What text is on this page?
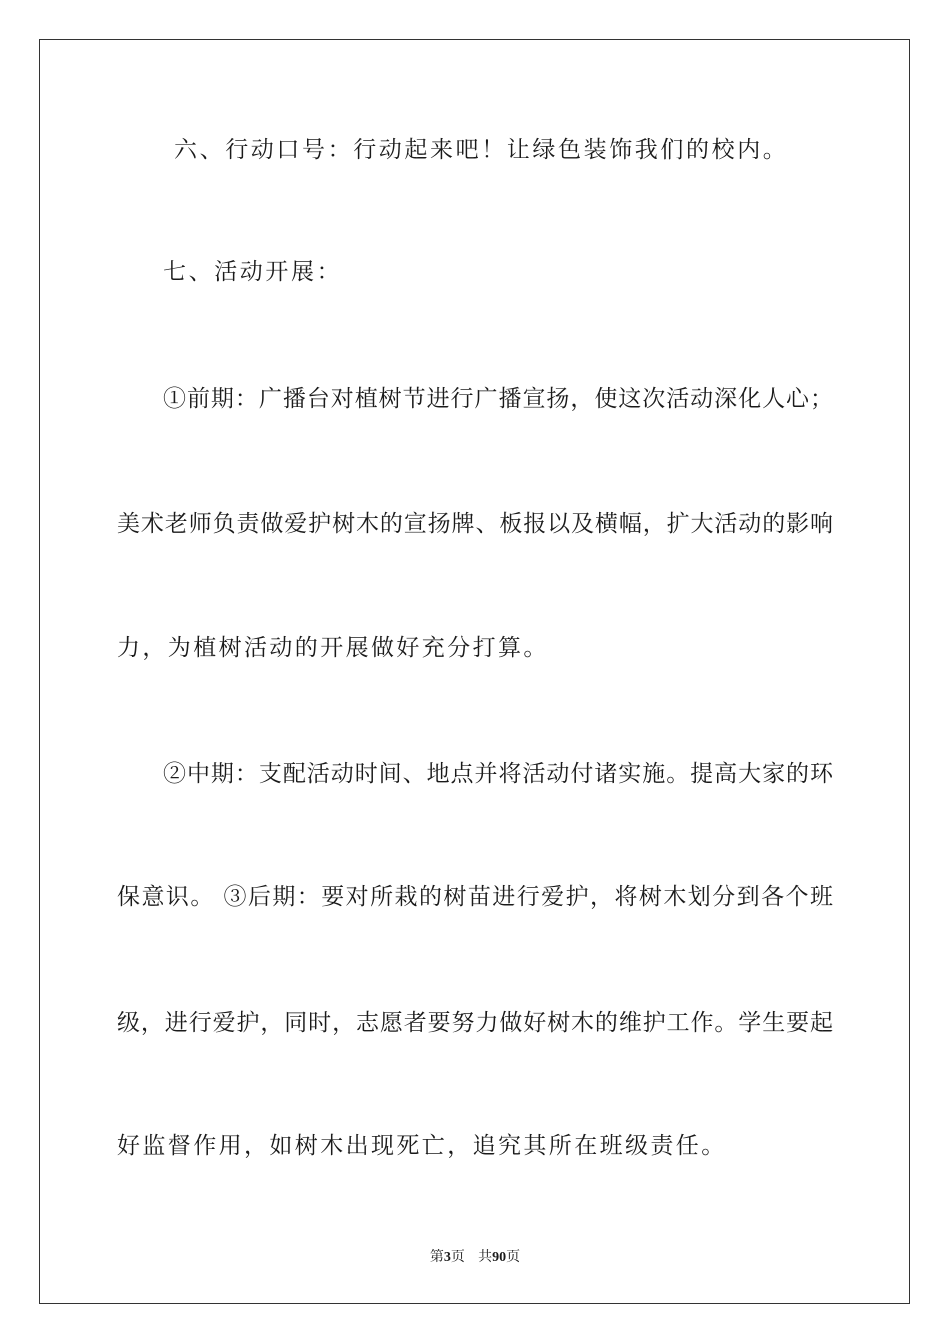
六、行动口号：行动起来吧！让绿色装饰我们的校内。
七、活动开展：
①前期：广播台对植树节进行广播宣扬，使这次活动深化人心；
美术老师负责做爱护树木的宣扬牌、板报以及横幅，扩大活动的影响
力，为植树活动的开展做好充分打算。
②中期：支配活动时间、地点并将活动付诸实施。提高大家的环
保意识。 ③后期：要对所栽的树苗进行爱护，将树木划分到各个班
级，进行爱护，同时，志愿者要努力做好树木的维护工作。学生要起
好监督作用，如树木出现死亡，追究其所在班级责任。
第3页   共90页
